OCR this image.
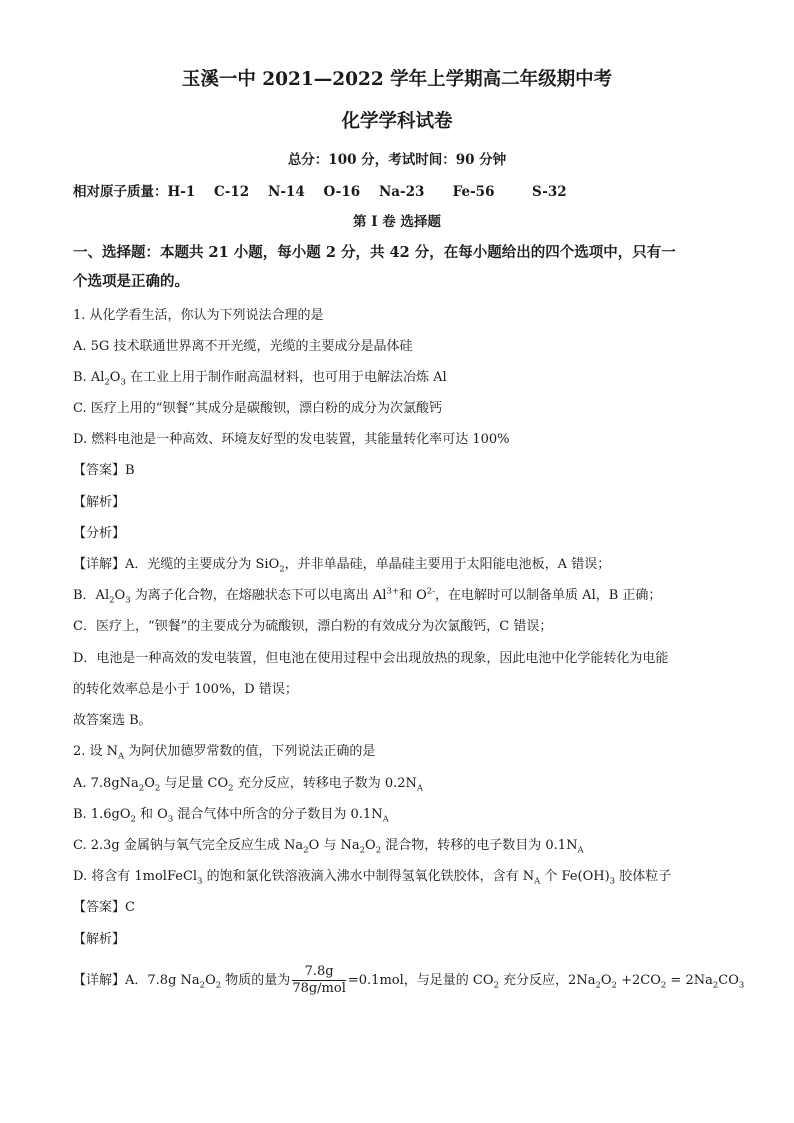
玉溪一中 2021—2022 学年上学期高二年级期中考
化学学科试卷
总分：100 分，考试时间：90 分钟
相对原子质量：H-1    C-12    N-14    O-16    Na-23      Fe-56        S-32
第 I 卷 选择题
一、选择题：本题共 21 小题，每小题 2 分，共 42 分，在每小题给出的四个选项中，只有一
个选项是正确的。
1. 从化学看生活，你认为下列说法合理的是
A. 5G 技术联通世界离不开光缆，光缆的主要成分是晶体硅
B. $Al_2O_3$ 在工业上用于制作耐高温材料，也可用于电解法冶炼 Al
C. 医疗上用的“钡餐”其成分是碳酸钡，漂白粉的成分为次氯酸钙
D. 燃料电池是一种高效、环境友好型的发电装置，其能量转化率可达 100%
【答案】B
【解析】
【分析】
【详解】A．光缆的主要成分为 SiO$_2$，并非单晶硅，单晶硅主要用于太阳能电池板，A 错误；
B．$Al_2O_3$ 为离子化合物，在熔融状态下可以电离出 $Al^{3+}$和 $O^{2-}$，在电解时可以制备单质 Al，B 正确；
C．医疗上，“钡餐”的主要成分为硫酸钡，漂白粉的有效成分为次氯酸钙，C 错误；
D．电池是一种高效的发电装置，但电池在使用过程中会出现放热的现象，因此电池中化学能转化为电能
的转化效率总是小于 100%，D 错误；
故答案选 B。
2. 设 $N_A$ 为阿伏加德罗常数的值，下列说法正确的是
A. $7.8gNa_2O_2$ 与足量 $CO_2$ 充分反应，转移电子数为 $0.2N_A$
B. $1.6gO_2$ 和 $O_3$ 混合气体中所含的分子数目为 $0.1N_A$
C. 2.3g 金属钠与氧气完全反应生成 $Na_2O$ 与 $Na_2O_2$ 混合物，转移的电子数目为 $0.1N_A$
D. 将含有 1molFeCl$_3$ 的饱和氯化铁溶液滴入沸水中制得氢氧化铁胶体，含有 $N_A$ 个 $Fe(OH)_3$ 胶体粒子
【答案】C
【解析】
【详解】A．7.8g $Na_2O_2$ 物质的量为 $\frac{7.8g}{\text{78g/mol}} =0.1mol$，与足量的 $CO_2$ 充分反应，$2Na_2O_2 +2CO_2 = 2Na_2CO_3$
